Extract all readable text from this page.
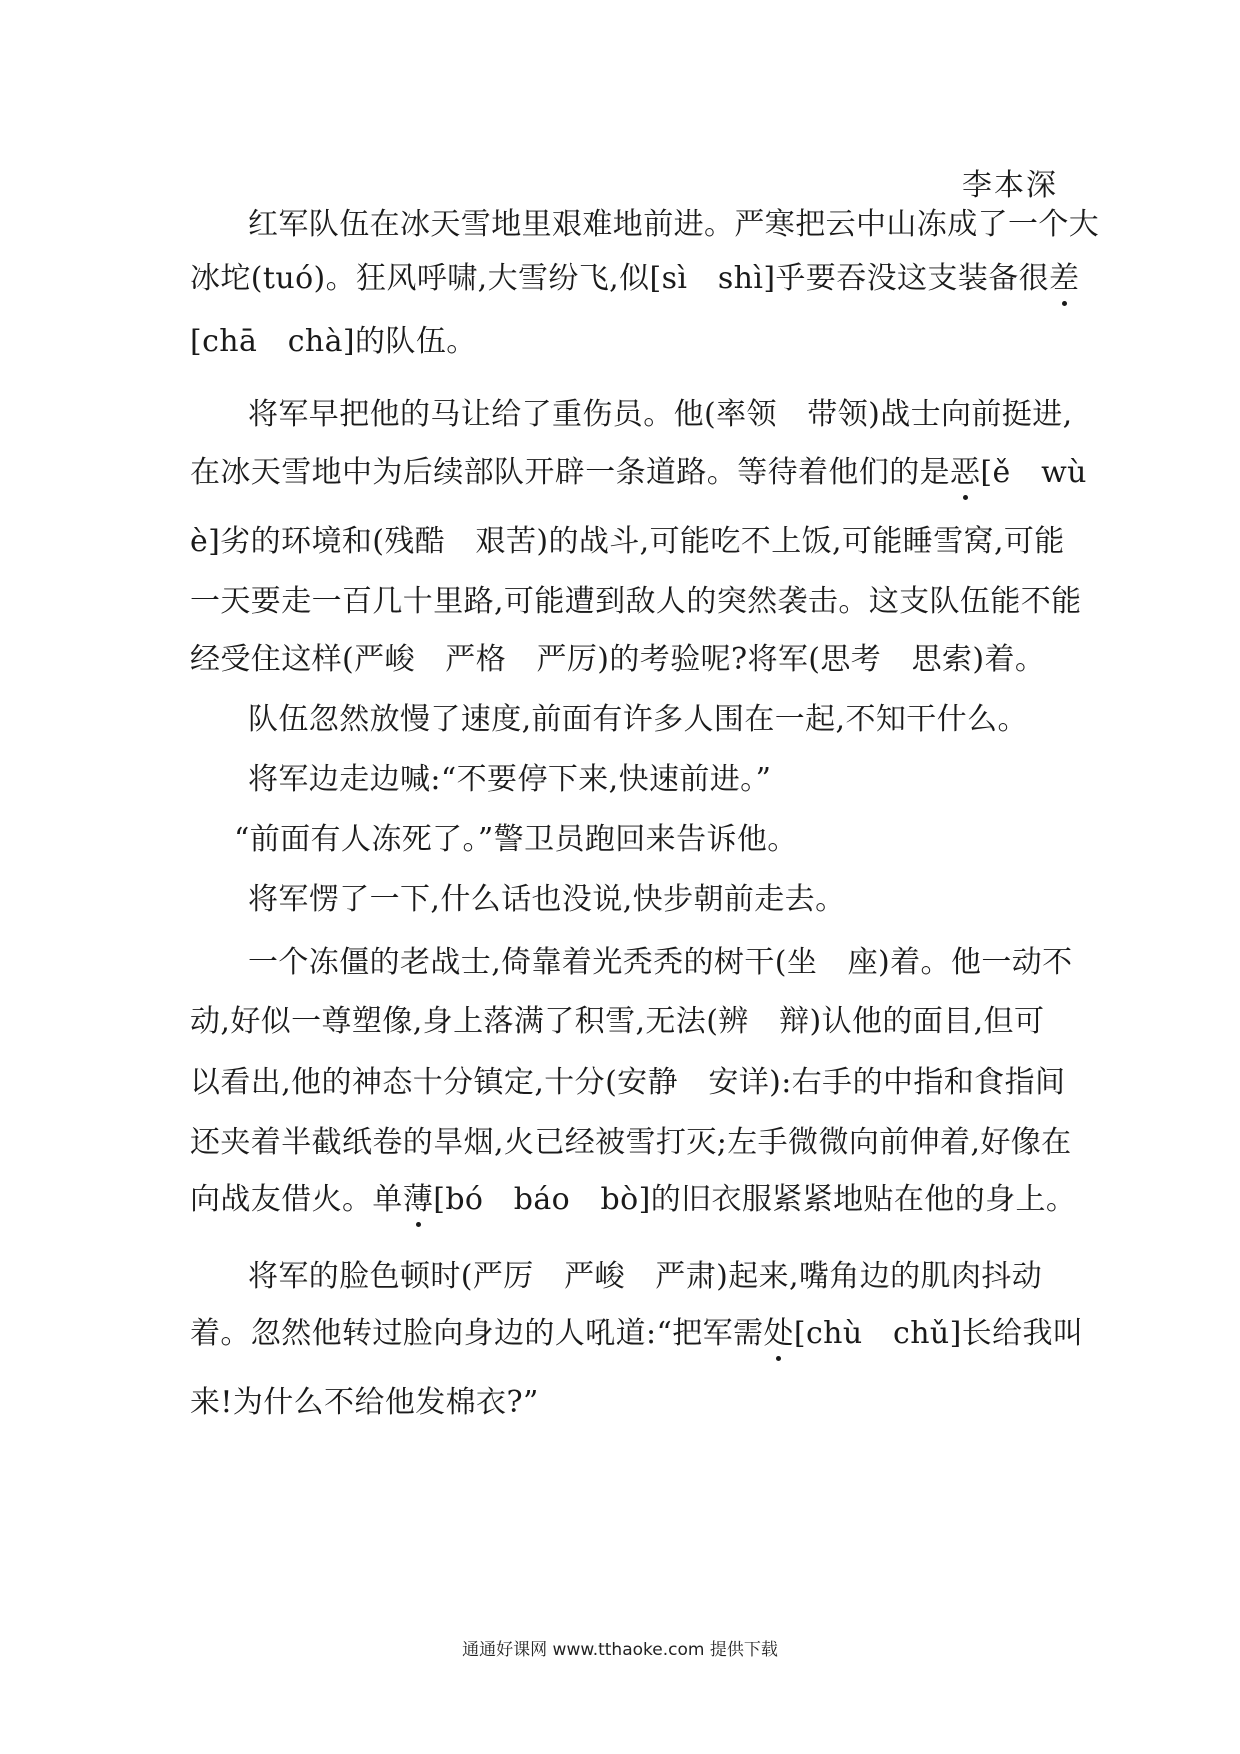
李本深
红军队伍在冰天雪地里艰难地前进。严寒把云中山冻成了一个大
冰坨(tuó)。狂风呼啸,大雪纷飞,似[sì　shì]乎要吞没这支装备很差
[chā　chà]的队伍。
将军早把他的马让给了重伤员。他(率领　带领)战士向前挺进,
在冰天雪地中为后续部队开辟一条道路。等待着他们的是恶[ě　wù
è]劣的环境和(残酷　艰苦)的战斗,可能吃不上饭,可能睡雪窝,可能
一天要走一百几十里路,可能遭到敌人的突然袭击。这支队伍能不能
经受住这样(严峻　严格　严厉)的考验呢?将军(思考　思索)着。
队伍忽然放慢了速度,前面有许多人围在一起,不知干什么。
将军边走边喊:“不要停下来,快速前进。”
“前面有人冻死了。”警卫员跑回来告诉他。
将军愣了一下,什么话也没说,快步朝前走去。
一个冻僵的老战士,倚靠着光秃秃的树干(坐　座)着。他一动不
动,好似一尊塑像,身上落满了积雪,无法(辨　辩)认他的面目,但可
以看出,他的神态十分镇定,十分(安静　安详):右手的中指和食指间
还夹着半截纸卷的旱烟,火已经被雪打灭;左手微微向前伸着,好像在
向战友借火。单薄[bó　báo　bò]的旧衣服紧紧地贴在他的身上。
将军的脸色顿时(严厉　严峻　严肃)起来,嘴角边的肌肉抖动
着。忽然他转过脸向身边的人吼道:“把军需处[chù　chǔ]长给我叫
来!为什么不给他发棉衣?”
通通好课网 www.tthaoke.com 提供下载
